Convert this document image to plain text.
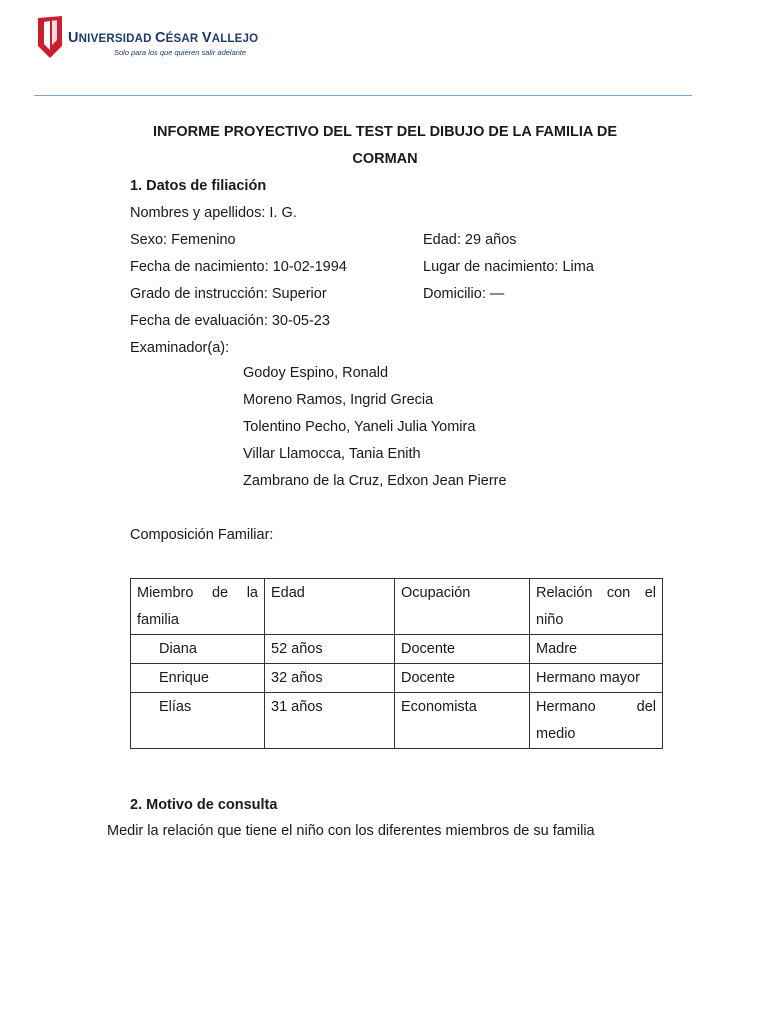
UNIVERSIDAD CÉSAR VALLEJO
Solo para los que quieren salir adelante
INFORME PROYECTIVO DEL TEST DEL DIBUJO DE LA FAMILIA DE
CORMAN
1. Datos de filiación
Nombres y apellidos: I. G.
Sexo: Femenino	Edad: 29 años
Fecha de nacimiento: 10-02-1994	Lugar de nacimiento: Lima
Grado de instrucción: Superior	Domicilio: —
Fecha de evaluación: 30-05-23
Examinador(a):
Godoy Espino, Ronald
Moreno Ramos, Ingrid Grecia
Tolentino Pecho, Yaneli Julia Yomira
Villar Llamocca, Tania Enith
Zambrano de la Cruz, Edxon Jean Pierre
Composición Familiar:
Miembro de la
familia	Edad	Ocupación	Relación con el
niño

Diana	52 años	Docente	Madre
Enrique	32 años	Docente	Hermano mayor
Elías	31 años	Economista	Hermano del
medio
2. Motivo de consulta
Medir la relación que tiene el niño con los diferentes miembros de su familia
